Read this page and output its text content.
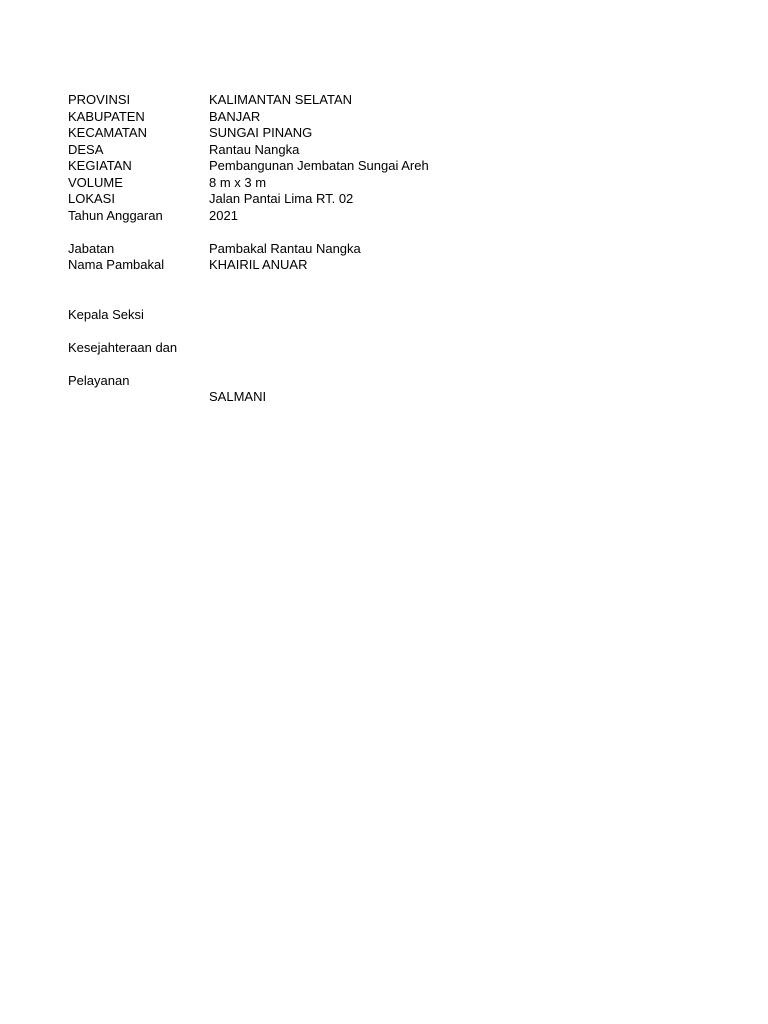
PROVINSI	KALIMANTAN SELATAN
KABUPATEN	BANJAR
KECAMATAN	SUNGAI PINANG
DESA	Rantau Nangka
KEGIATAN	Pembangunan Jembatan Sungai Areh
VOLUME	8 m x 3 m
LOKASI	Jalan Pantai Lima RT. 02
Tahun Anggaran	2021
Jabatan	Pambakal Rantau Nangka
Nama Pambakal	KHAIRIL ANUAR

Kepala Seksi

Kesejahteraan dan

Pelayanan

SALMANI
